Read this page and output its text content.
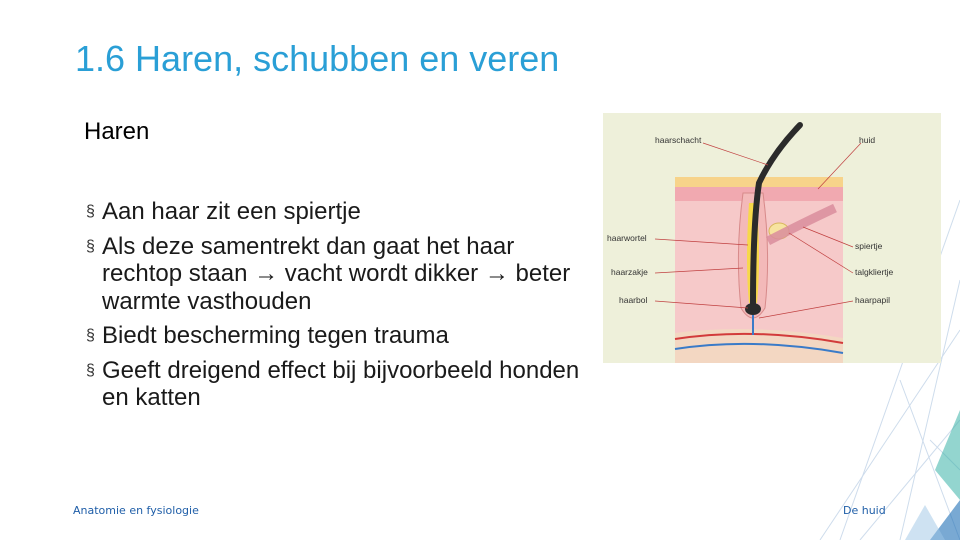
1.6 Haren, schubben en veren
Haren
§ Aan haar zit een spiertje
§ Als deze samentrekt dan gaat het haar rechtop staan → vacht wordt dikker → beter warmte vasthouden
§ Biedt bescherming tegen trauma
§ Geeft dreigend effect bij bijvoorbeeld honden en katten
haarschacht	huid
haarwortel
spiertje
haarzakje	talgkliertje
haarbol	haarpapil
Anatomie en fysiologie	De huid
